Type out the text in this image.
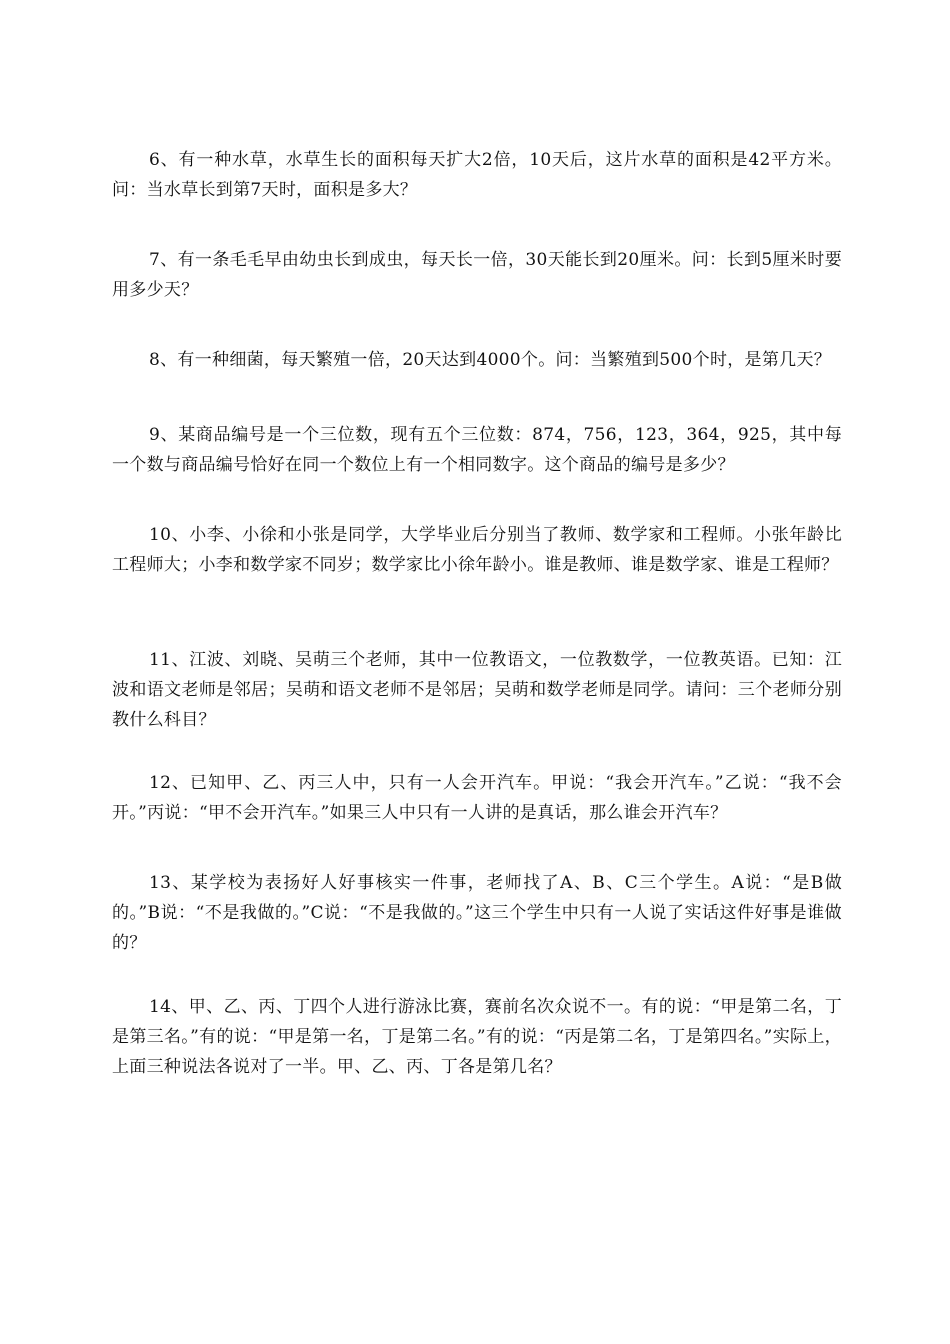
6、有一种水草，水草生长的面积每天扩大2倍，10天后，这片水草的面积是42平方米。问：当水草长到第7天时，面积是多大？

7、有一条毛毛早由幼虫长到成虫，每天长一倍，30天能长到20厘米。问：长到5厘米时要用多少天？

8、有一种细菌，每天繁殖一倍，20天达到4000个。问：当繁殖到500个时，是第几天？

9、某商品编号是一个三位数，现有五个三位数：874，756，123，364，925，其中每一个数与商品编号恰好在同一个数位上有一个相同数字。这个商品的编号是多少？

10、小李、小徐和小张是同学，大学毕业后分别当了教师、数学家和工程师。小张年龄比工程师大；小李和数学家不同岁；数学家比小徐年龄小。谁是教师、谁是数学家、谁是工程师？

11、江波、刘晓、吴萌三个老师，其中一位教语文，一位教数学，一位教英语。已知：江波和语文老师是邻居；吴萌和语文老师不是邻居；吴萌和数学老师是同学。请问：三个老师分别教什么科目？

12、已知甲、乙、丙三人中，只有一人会开汽车。甲说：“我会开汽车。”乙说：“我不会开。”丙说：“甲不会开汽车。”如果三人中只有一人讲的是真话，那么谁会开汽车？

13、某学校为表扬好人好事核实一件事，老师找了A、B、C三个学生。A说：“是B做的。”B说：“不是我做的。”C说：“不是我做的。”这三个学生中只有一人说了实话这件好事是谁做的？

14、甲、乙、丙、丁四个人进行游泳比赛，赛前名次众说不一。有的说：“甲是第二名，丁是第三名。”有的说：“甲是第一名，丁是第二名。”有的说：“丙是第二名，丁是第四名。”实际上，上面三种说法各说对了一半。甲、乙、丙、丁各是第几名？
